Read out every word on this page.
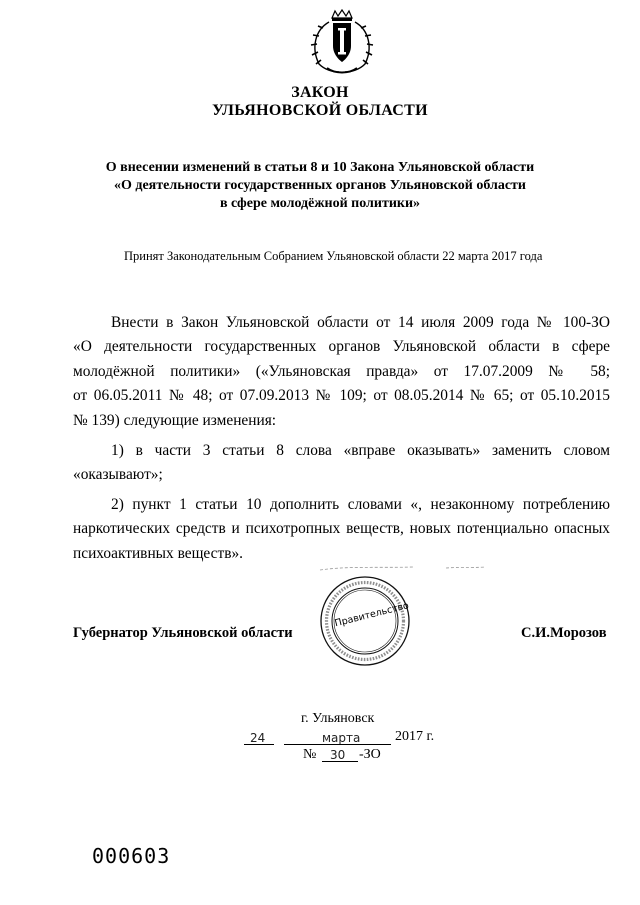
ЗАКОН
УЛЬЯНОВСКОЙ ОБЛАСТИ
О внесении изменений в статьи 8 и 10 Закона Ульяновской области
«О деятельности государственных органов Ульяновской области
в сфере молодёжной политики»
Принят Законодательным Собранием Ульяновской области 22 марта 2017 года
Внести в Закон Ульяновской области от 14 июля 2009 года № 100-ЗО
«О деятельности государственных органов Ульяновской области в сфере
молодёжной политики» («Ульяновская правда» от 17.07.2009 № 58;
от 06.05.2011 № 48; от 07.09.2013 № 109; от 08.05.2014 № 65; от 05.10.2015
№ 139) следующие изменения:
1) в части 3 статьи 8 слова «вправе оказывать» заменить словом
«оказывают»;
2) пункт 1 статьи 10 дополнить словами «, незаконному потреблению
наркотических средств и психотропных веществ, новых потенциально опасных
психоактивных веществ».
Правительство
Губернатор Ульяновской области	С.И.Морозов
г. Ульяновск
24	марта 2017 г.
№ 30 -ЗО
000603
